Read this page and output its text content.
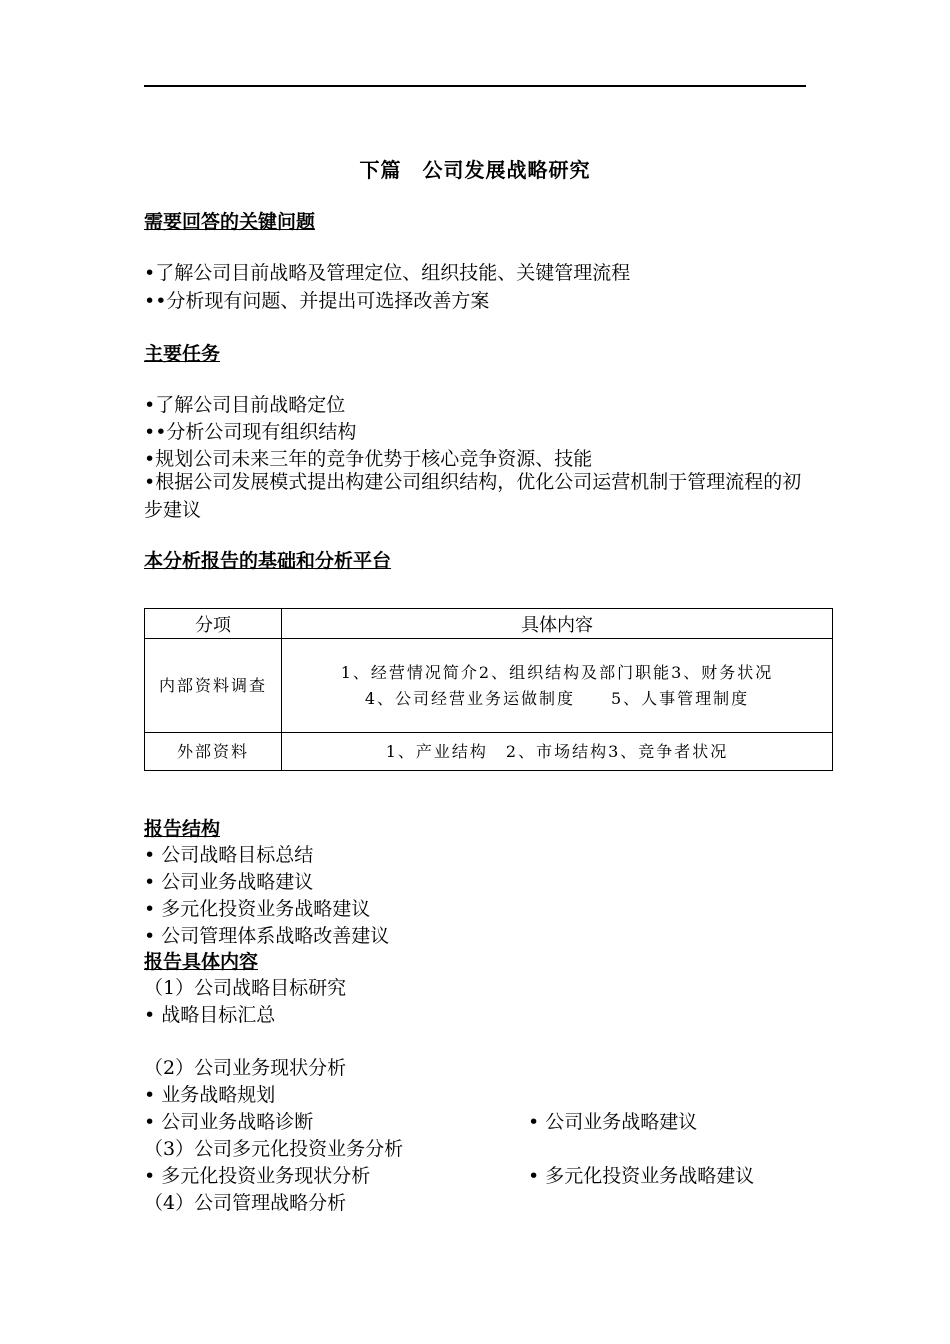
下篇　公司发展战略研究
需要回答的关键问题
•了解公司目前战略及管理定位、组织技能、关键管理流程
••分析现有问题、并提出可选择改善方案
主要任务
•了解公司目前战略定位
••分析公司现有组织结构
•规划公司未来三年的竞争优势于核心竞争资源、技能
•根据公司发展模式提出构建公司组织结构，优化公司运营机制于管理流程的初步建议
本分析报告的基础和分析平台
分项	具体内容
内部资料调查	1、经营情况简介2、组织结构及部门职能3、财务状况
4、公司经营业务运做制度　　5、人事管理制度

外部资料	1、产业结构　2、市场结构3、竞争者状况
报告结构
• 公司战略目标总结
• 公司业务战略建议
• 多元化投资业务战略建议
• 公司管理体系战略改善建议
报告具体内容
（1）公司战略目标研究
• 战略目标汇总
（2）公司业务现状分析
• 业务战略规划
• 公司业务战略诊断	• 公司业务战略建议
（3）公司多元化投资业务分析
• 多元化投资业务现状分析	• 多元化投资业务战略建议
（4）公司管理战略分析
